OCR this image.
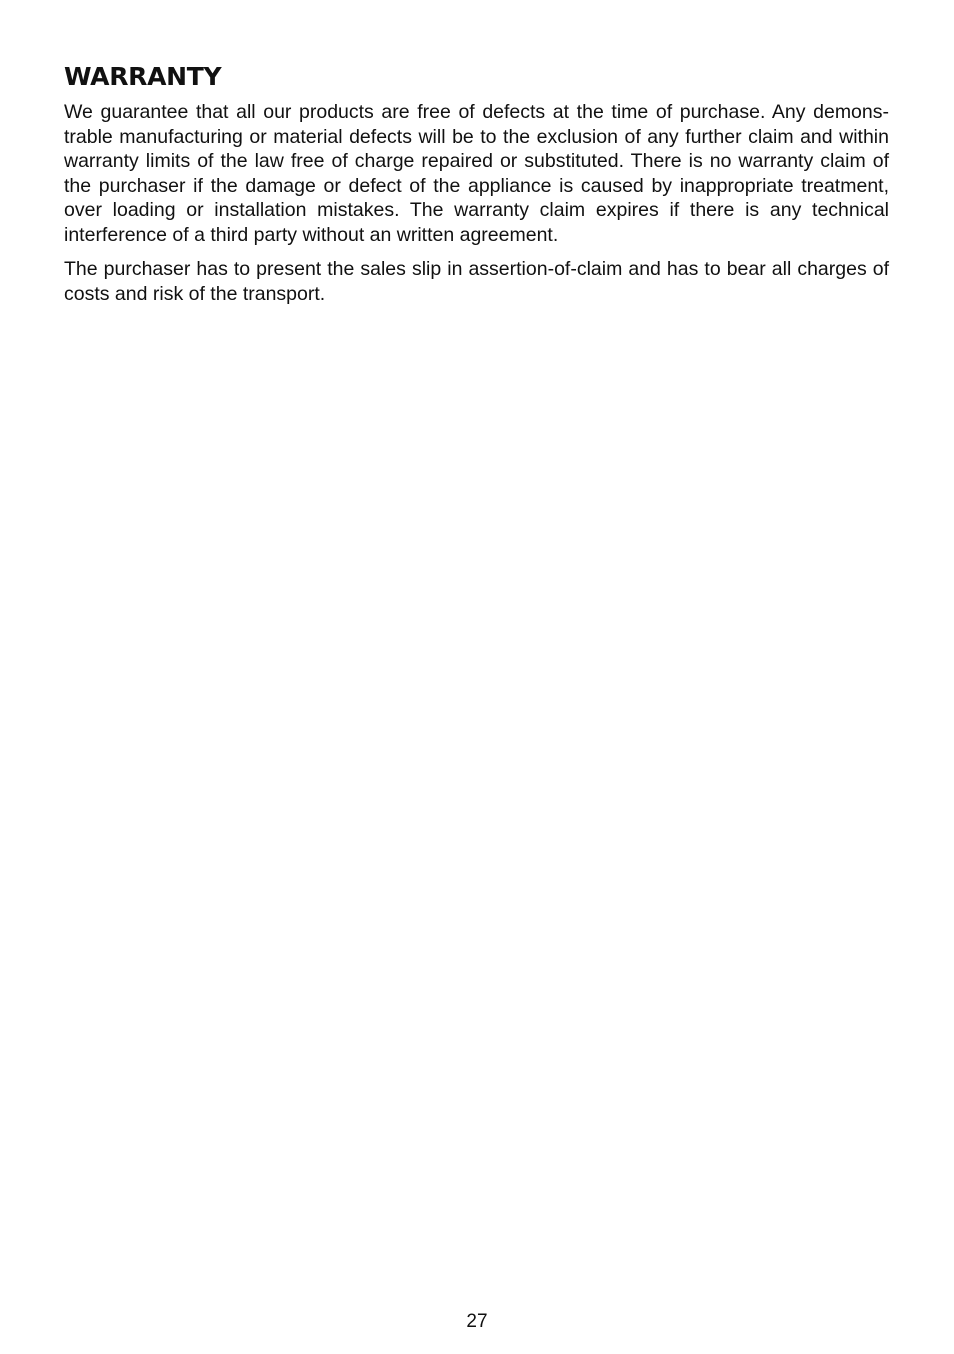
WARRANTY

We guarantee that all our products are free of defects at the time of purchase. Any demonstrable manufacturing or material defects will be to the exclusion of any further claim and within warranty limits of the law free of charge repaired or substituted. There is no warranty claim of the purchaser if the damage or defect of the appliance is caused by inappropriate treatment, over loading or installation mistakes. The warranty claim expires if there is any technical interference of a third party without an written agreement.

The purchaser has to present the sales slip in assertion-of-claim and has to bear all charges of costs and risk of the transport.

27
